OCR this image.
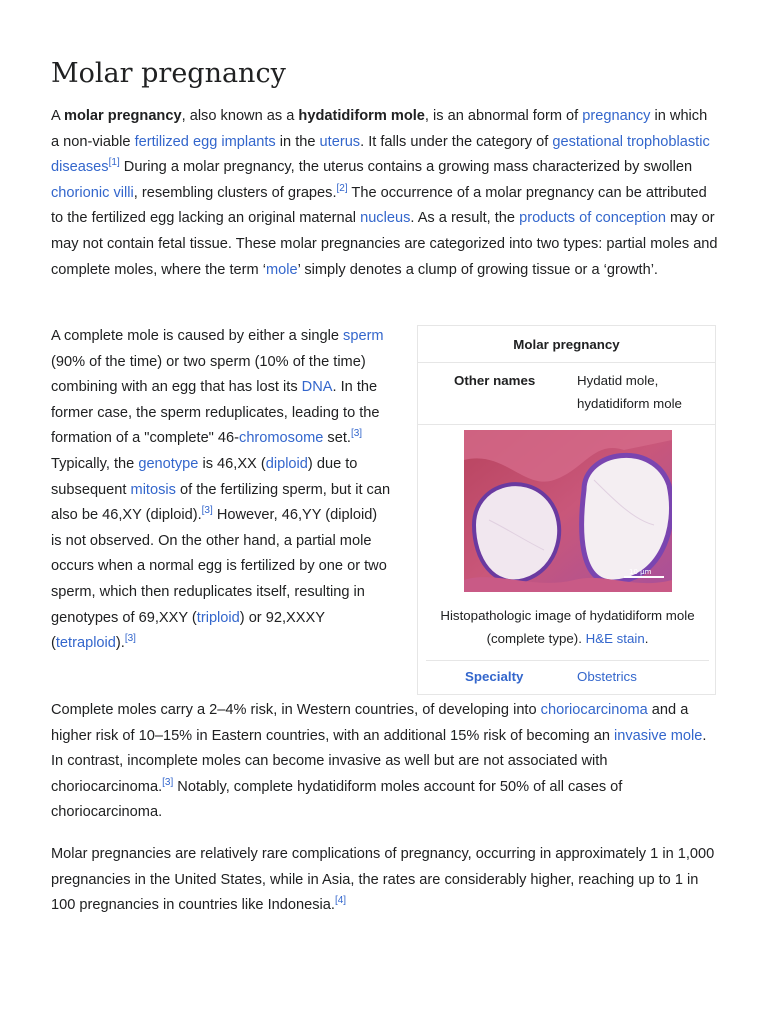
Molar pregnancy

A molar pregnancy, also known as a hydatidiform mole, is an abnormal form of pregnancy in which a non-viable fertilized egg implants in the uterus. It falls under the category of gestational trophoblastic diseases[1] During a molar pregnancy, the uterus contains a growing mass characterized by swollen chorionic villi, resembling clusters of grapes.[2] The occurrence of a molar pregnancy can be attributed to the fertilized egg lacking an original maternal nucleus. As a result, the products of conception may or may not contain fetal tissue. These molar pregnancies are categorized into two types: partial moles and complete moles, where the term ‘mole’ simply denotes a clump of growing tissue or a ‘growth’.

A complete mole is caused by either a single sperm (90% of the time) or two sperm (10% of the time) combining with an egg that has lost its DNA. In the former case, the sperm reduplicates, leading to the formation of a "complete" 46-chromosome set.[3] Typically, the genotype is 46,XX (diploid) due to subsequent mitosis of the fertilizing sperm, but it can also be 46,XY (diploid).[3] However, 46,YY (diploid) is not observed. On the other hand, a partial mole occurs when a normal egg is fertilized by one or two sperm, which then reduplicates itself, resulting in genotypes of 69,XXY (triploid) or 92,XXXY (tetraploid).[3]

Complete moles carry a 2–4% risk, in Western countries, of developing into choriocarcinoma and a higher risk of 10–15% in Eastern countries, with an additional 15% risk of becoming an invasive mole. In contrast, incomplete moles can become invasive as well but are not associated with choriocarcinoma.[3] Notably, complete hydatidiform moles account for 50% of all cases of choriocarcinoma.

Molar pregnancies are relatively rare complications of pregnancy, occurring in approximately 1 in 1,000 pregnancies in the United States, while in Asia, the rates are considerably higher, reaching up to 1 in 100 pregnancies in countries like Indonesia.[4]

Molar pregnancy
Other names	Hydatid mole, hydatidiform mole
10 µm
Histopathologic image of hydatidiform mole (complete type). H&E stain.
Specialty	Obstetrics
